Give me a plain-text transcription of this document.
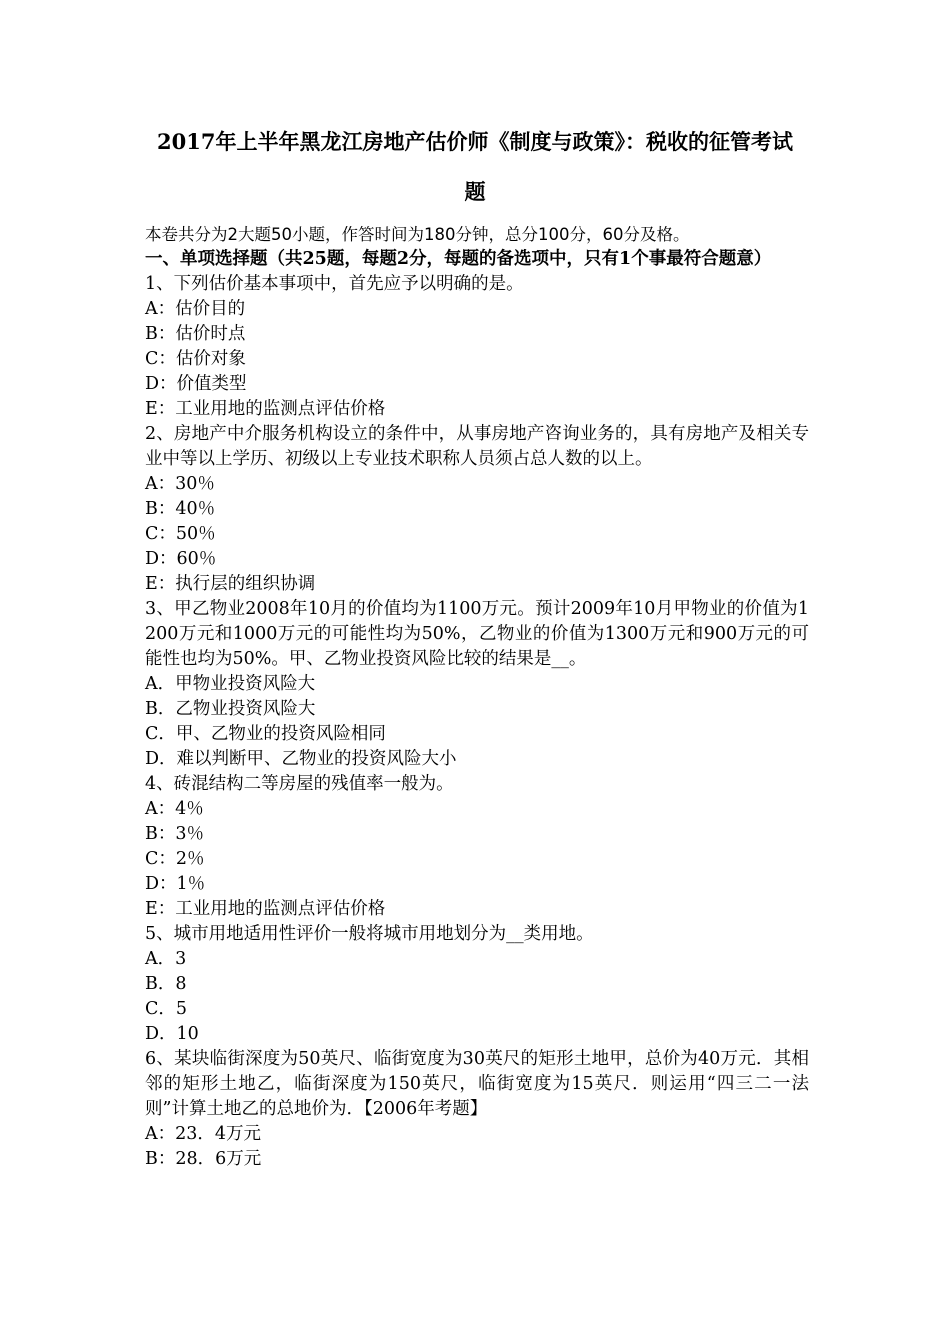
2017年上半年黑龙江房地产估价师《制度与政策》：税收的征管考试
题

本卷共分为2大题50小题，作答时间为180分钟，总分100分，60分及格。

一、单项选择题（共25题，每题2分，每题的备选项中，只有1个事最符合题意）

1、下列估价基本事项中，首先应予以明确的是。

A：估价目的

B：估价时点

C：估价对象

D：价值类型

E：工业用地的监测点评估价格

2、房地产中介服务机构设立的条件中，从事房地产咨询业务的，具有房地产及相关专业中等以上学历、初级以上专业技术职称人员须占总人数的以上。

A：30％

B：40％

C：50％

D：60％

E：执行层的组织协调

3、甲乙物业2008年10月的价值均为1100万元。预计2009年10月甲物业的价值为1200万元和1000万元的可能性均为50%，乙物业的价值为1300万元和900万元的可能性也均为50%。甲、乙物业投资风险比较的结果是__。

A．甲物业投资风险大

B．乙物业投资风险大

C．甲、乙物业的投资风险相同

D．难以判断甲、乙物业的投资风险大小

4、砖混结构二等房屋的残值率一般为。

A：4％

B：3％

C：2％

D：1％

E：工业用地的监测点评估价格

5、城市用地适用性评价一般将城市用地划分为__类用地。

A．3

B．8

C．5

D．10

6、某块临街深度为50英尺、临街宽度为30英尺的矩形土地甲，总价为40万元．其相邻的矩形土地乙，临街深度为150英尺，临街宽度为15英尺．则运用“四三二一法则”计算土地乙的总地价为．【2006年考题】

A：23．4万元

B：28．6万元
